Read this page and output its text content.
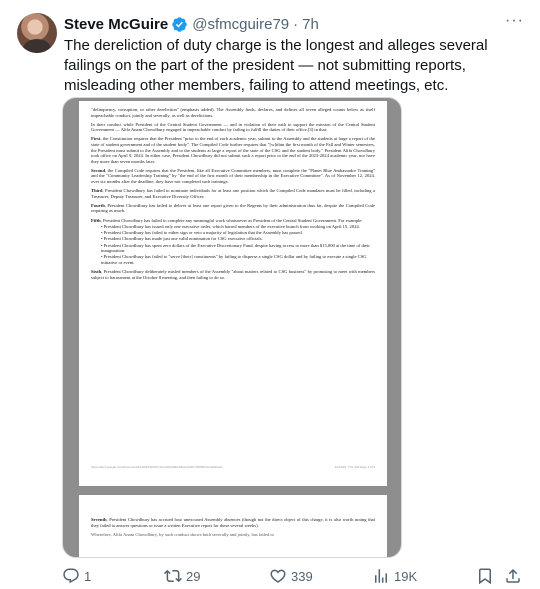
Steve McGuire @sfmcguire79 · 7h	···
The dereliction of duty charge is the longest and alleges several failings on the part of the president — not submitting reports, misleading other members, failing to attend meetings, etc.
"delinquency, corruption, or other dereliction" (emphasis added). The Assembly finds, declares, and defines all seven alleged counts below as itself impeachable conduct, jointly and severally, as well as derelictions.
In their conduct while President of the Central Student Government — and in violation of their oath to support the mission of the Central Student Government — Alifa Anam Chowdhury engaged in impeachable conduct by failing to fulfill the duties of their office,[3] in that:
First, the Constitution requires that the President "prior to the end of each academic year, submit to the Assembly and the students at large a report of the state of student government and of the student body". The Compiled Code further requires that "[w]ithin the first month of the Fall and Winter semesters, the President must submit to the Assembly and to the students at large a report of the state of the CSG and the student body." President Alifa Chowdhury took office on April 9, 2024. In either case, President Chowdhury did not submit such a report prior to the end of the 2023-2024 academic year, nor have they more than seven months later.
Second, the Compiled Code requires that the President, like all Executive Committee members, must complete the "Planet Blue Ambassador Training" and the "Community Leadership Training" by "the end of the first month of their membership in the Executive Committee". As of November 12, 2024, over six months after the deadline, they have not completed such trainings.
Third, President Chowdhury has failed to nominate individuals for at least one position which the Compiled Code mandates must be filled, including a Treasurer, Deputy Treasurer, and Executive Diversity Officer.
Fourth, President Chowdhury has failed to deliver at least one report given to the Regents by their administration thus far, despite the Compiled Code requiring as much.
Fifth, President Chowdhury has failed to complete any meaningful work whatsoever as President of the Central Student Government. For example:
• President Chowdhury has issued only one executive order, which barred members of the executive branch from working on April 15, 2024.
• President Chowdhury has failed to either sign or veto a majority of legislation that the Assembly has passed.
• President Chowdhury has made just one valid nomination for CSG executive officials.
• President Chowdhury has spent zero dollars of the Executive Discretionary Fund, despite having access to more than $15,000 at the time of their inauguration.
• President Chowdhury has failed to "serve [their] constituents" by failing to disperse a single CSG dollar and by failing to execute a single CSG initiative or event.
Sixth, President Chowdhury deliberately misled members of the Assembly "about matters related to CSG business" by promising to meet with members subject to harassment at the October 8 meeting, and then failing to do so.
https://docs.google.com/document/d/1NFKChrMxF-WcVGFH3M9-09GuVt94FY6W8Xk/mobilebasic	11/13/24, 7:51 AM Page 4 of 9
Seventh, President Chowdhury has accrued four unexcused Assembly absences (though not the direct object of this charge, it is also worth noting that they failed to answer questions or issue a written Executive report for these several weeks).
Wherefore, Alifa Anam Chowdhury, by such conduct shows both severally and jointly, has failed to
1	29	339	19K
